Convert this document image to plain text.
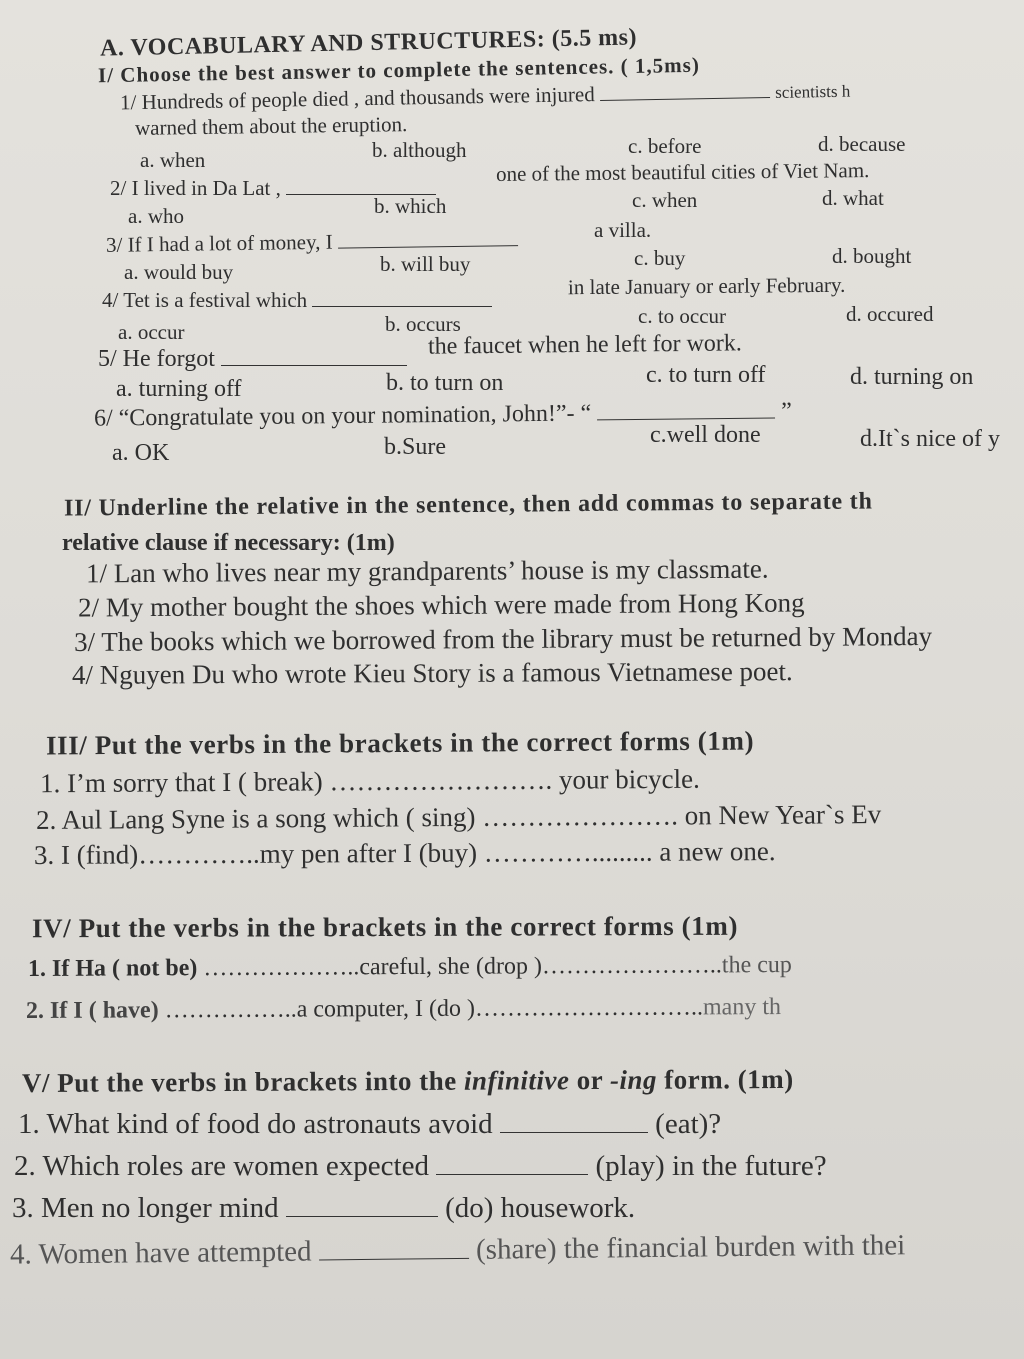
A. VOCABULARY AND STRUCTURES: (5.5 ms)
I/ Choose the best answer to complete the sentences. ( 1,5ms)
1/ Hundreds of people died , and thousands were injured	scientists h
warned them about the eruption.
a. when	b. although	c. before	d. because
2/ I lived in Da Lat ,
one of the most beautiful cities of Viet Nam.
a. who	b. which	c. when	d. what
3/ If I had a lot of money, I	a villa.
a. would buy	b. will buy	c. buy	d. bought
4/ Tet is a festival which
in late January or early February.
a. occur	b. occurs	c. to occur	d. occured
5/ He forgot	the faucet when he left for work.
a. turning off	b. to turn on	c. to turn off	d. turning on
6/ “Congratulate you on your nomination, John!”- “	”
a. OK	b.Sure	c.well done	d.It`s nice of y
II/ Underline the relative in the sentence, then add commas to separate th
relative clause if necessary: (1m)
1/ Lan who lives near my grandparents’ house is my classmate.
2/ My mother bought the shoes which were made from Hong Kong
3/ The books which we borrowed from the library must be returned by Monday
4/ Nguyen Du who wrote Kieu Story is a famous Vietnamese poet.
III/ Put the verbs in the brackets in the correct forms (1m)
1. I’m sorry that I ( break) ……………………. your bicycle.
2. Aul Lang Syne is a song which ( sing) …………………. on New Year`s Ev
3. I (find)…………..my pen after I (buy) …………......... a new one.
IV/ Put the verbs in the brackets in the correct forms (1m)
1. If Ha ( not be) ………………..careful, she (drop )…………………..the cup
2. If I ( have) ……………..a computer, I (do )………………………..many th
V/ Put the verbs in brackets into the infinitive or -ing form. (1m)
1. What kind of food do astronauts avoid	(eat)?
2. Which roles are women expected	(play) in the future?
3. Men no longer mind	(do) housework.
4. Women have attempted	(share) the financial burden with thei
